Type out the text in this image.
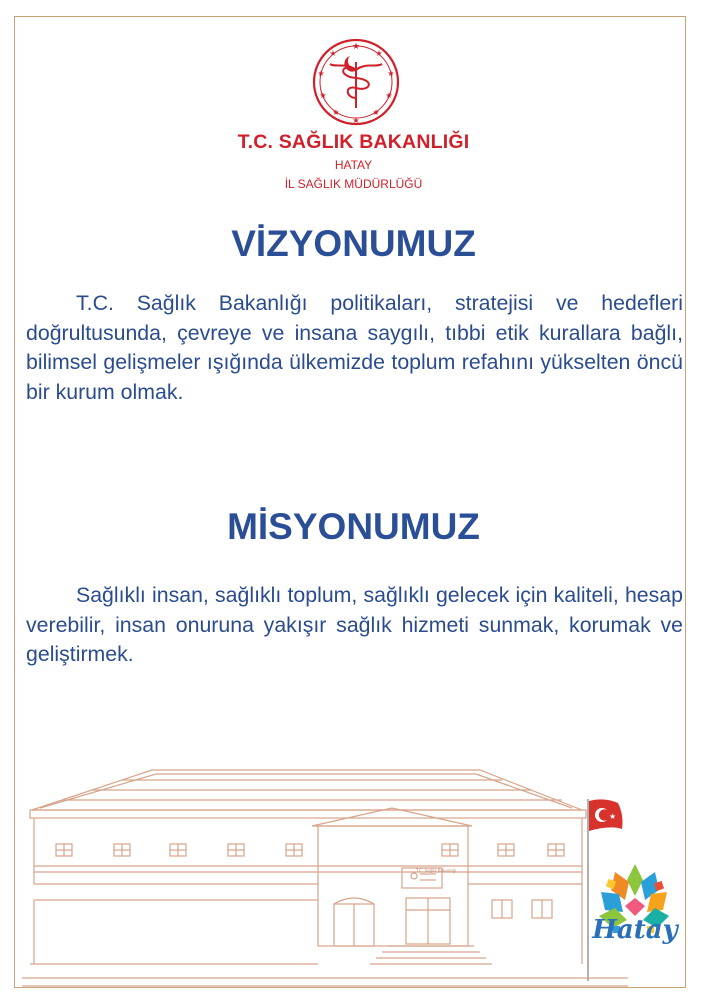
★
★
★
★
★
★
★
★
★
★
T.C. SAĞLIK BAKANLIĞI
HATAY
İL SAĞLIK MÜDÜRLÜĞÜ
VİZYONUMUZ

T.C. Sağlık Bakanlığı politikaları, stratejisi ve hedefleri doğrultusunda, çevreye ve insana saygılı, tıbbi etik kurallara bağlı, bilimsel gelişmeler ışığında ülkemizde toplum refahını yükselten öncü bir kurum olmak.

MİSYONUMUZ

Sağlıklı insan, sağlıklı toplum, sağlıklı gelecek için kaliteli, hesap verebilir, insan onuruna yakışır sağlık hizmeti sunmak, korumak ve geliştirmek.

T.C. Sağlık Bakanlığı
★
Hatay
